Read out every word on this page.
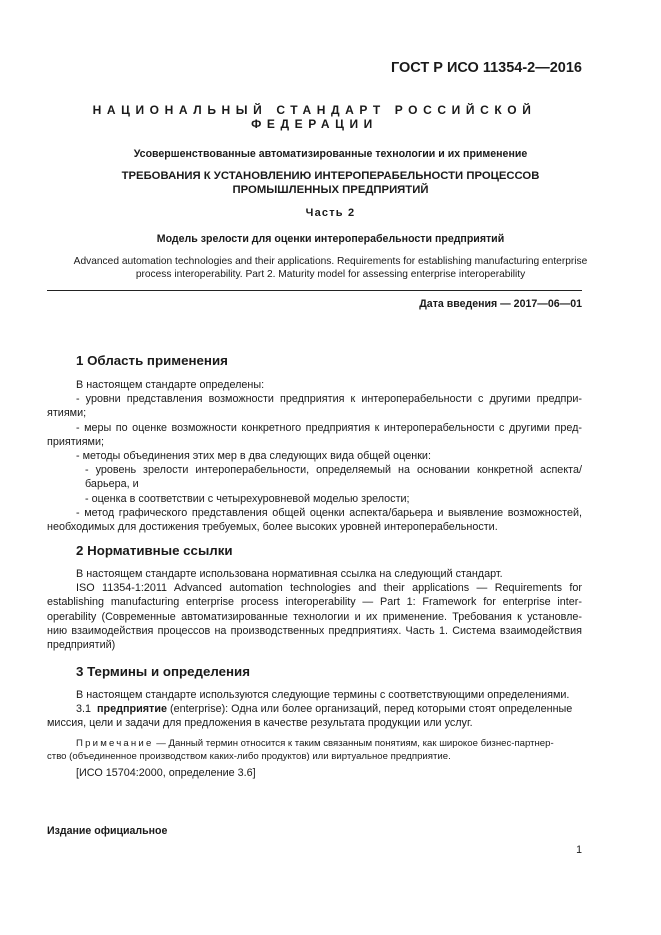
ГОСТ Р ИСО 11354-2—2016
НАЦИОНАЛЬНЫЙ СТАНДАРТ РОССИЙСКОЙ ФЕДЕРАЦИИ
Усовершенствованные автоматизированные технологии и их применение
ТРЕБОВАНИЯ К УСТАНОВЛЕНИЮ ИНТЕРОПЕРАБЕЛЬНОСТИ ПРОЦЕССОВ
ПРОМЫШЛЕННЫХ ПРЕДПРИЯТИЙ
Часть 2
Модель зрелости для оценки интероперабельности предприятий
Advanced automation technologies and their applications. Requirements for establishing manufacturing enterprise
process interoperability. Part 2. Maturity model for assessing enterprise interoperability
Дата введения — 2017—06—01
1 Область применения
В настоящем стандарте определены:
- уровни представления возможности предприятия к интероперабельности с другими предпри-
ятиями;
- меры по оценке возможности конкретного предприятия к интероперабельности с другими пред-
приятиями;
- методы объединения этих мер в два следующих вида общей оценки:
- уровень зрелости интероперабельности, определяемый на основании конкретной аспекта/
барьера, и
- оценка в соответствии с четырехуровневой моделью зрелости;
- метод графического представления общей оценки аспекта/барьера и выявление возможностей,
необходимых для достижения требуемых, более высоких уровней интероперабельности.
2 Нормативные ссылки
В настоящем стандарте использована нормативная ссылка на следующий стандарт.
ISO 11354-1:2011 Advanced automation technologies and their applications — Requirements for
establishing manufacturing enterprise process interoperability — Part 1: Framework for enterprise inter-
operability (Современные автоматизированные технологии и их применение. Требования к установле-
нию взаимодействия процессов на производственных предприятиях. Часть 1. Система взаимодействия
предприятий)
3 Термины и определения
В настоящем стандарте используются следующие термины с соответствующими определениями.
3.1 предприятие (enterprise): Одна или более организаций, перед которыми стоят определенные
миссия, цели и задачи для предложения в качестве результата продукции или услуг.
Примечание — Данный термин относится к таким связанным понятиям, как широкое бизнес-партнер-
ство (объединенное производством каких-либо продуктов) или виртуальное предприятие.
[ИСО 15704:2000, определение 3.6]
Издание официальное
1
